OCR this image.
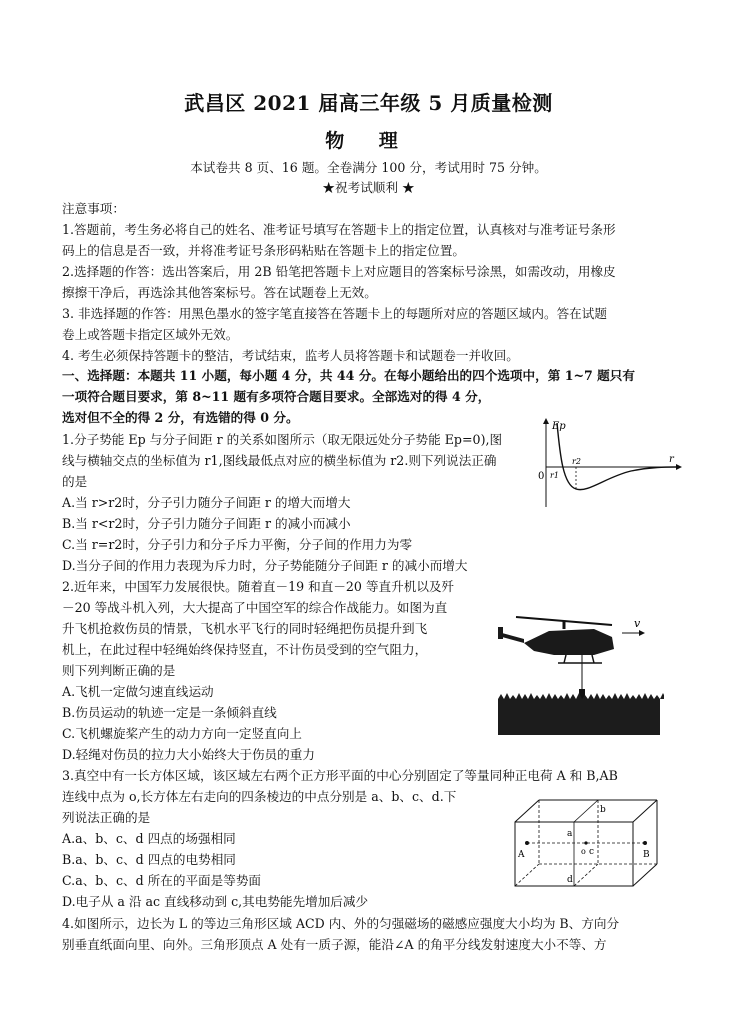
武昌区 2021 届高三年级 5 月质量检测
物 理
本试卷共 8 页、16 题。全卷满分 100 分，考试用时 75 分钟。
★祝考试顺利 ★
注意事项：
1.答题前，考生务必将自己的姓名、准考证号填写在答题卡上的指定位置，认真核对与准考证号条形
码上的信息是否一致，并将准考证号条形码粘贴在答题卡上的指定位置。
2.选择题的作答：选出答案后，用 2B 铅笔把答题卡上对应题目的答案标号涂黑，如需改动，用橡皮
擦擦干净后，再选涂其他答案标号。答在试题卷上无效。
3. 非选择题的作答：用黑色墨水的签字笔直接答在答题卡上的每题所对应的答题区域内。答在试题
卷上或答题卡指定区域外无效。
4. 考生必须保持答题卡的整洁，考试结束，监考人员将答题卡和试题卷一并收回。
一、选择题：本题共 11 小题，每小题 4 分，共 44 分。在每小题给出的四个选项中，第 1~7 题只有
一项符合题目要求，第 8~11 题有多项符合题目要求。全部选对的得 4 分，
选对但不全的得 2 分，有选错的得 0 分。
1.分子势能 Ep 与分子间距 r 的关系如图所示（取无限远处分子势能 Ep=0),图
线与横轴交点的坐标值为 r1,图线最低点对应的横坐标值为 r2.则下列说法正确
的是
A.当 r>r2时，分子引力随分子间距 r 的增大而增大
B.当 r<r2时，分子引力随分子间距 r 的减小而减小
C.当 r=r2时，分子引力和分子斥力平衡，分子间的作用力为零
D.当分子间的作用力表现为斥力时，分子势能随分子间距 r 的减小而增大
Ep
r
0 r1
r2
2.近年来，中国军力发展很快。随着直－19 和直－20 等直升机以及歼
－20 等战斗机入列，大大提高了中国空军的综合作战能力。如图为直
升飞机抢救伤员的情景，飞机水平飞行的同时轻绳把伤员提升到飞
机上，在此过程中轻绳始终保持竖直，不计伤员受到的空气阻力，
则下列判断正确的是
A.飞机一定做匀速直线运动
B.伤员运动的轨迹一定是一条倾斜直线
C.飞机螺旋桨产生的动力方向一定竖直向上
D.轻绳对伤员的拉力大小始终大于伤员的重力
v
3.真空中有一长方体区域，该区域左右两个正方形平面的中心分别固定了等量同种正电荷 A 和 B,AB
连线中点为 o,长方体左右走向的四条棱边的中点分别是 a、b、c、d.下
列说法正确的是
A.a、b、c、d 四点的场强相同
B.a、b、c、d 四点的电势相同
C.a、b、c、d 所在的平面是等势面
D.电子从 a 沿 ac 直线移动到 c,其电势能先增加后减少
A	B
a
b
c
d
o
4.如图所示，边长为 L 的等边三角形区域 ACD 内、外的匀强磁场的磁感应强度大小均为 B、方向分
别垂直纸面向里、向外。三角形顶点 A 处有一质子源，能沿∠A 的角平分线发射速度大小不等、方
